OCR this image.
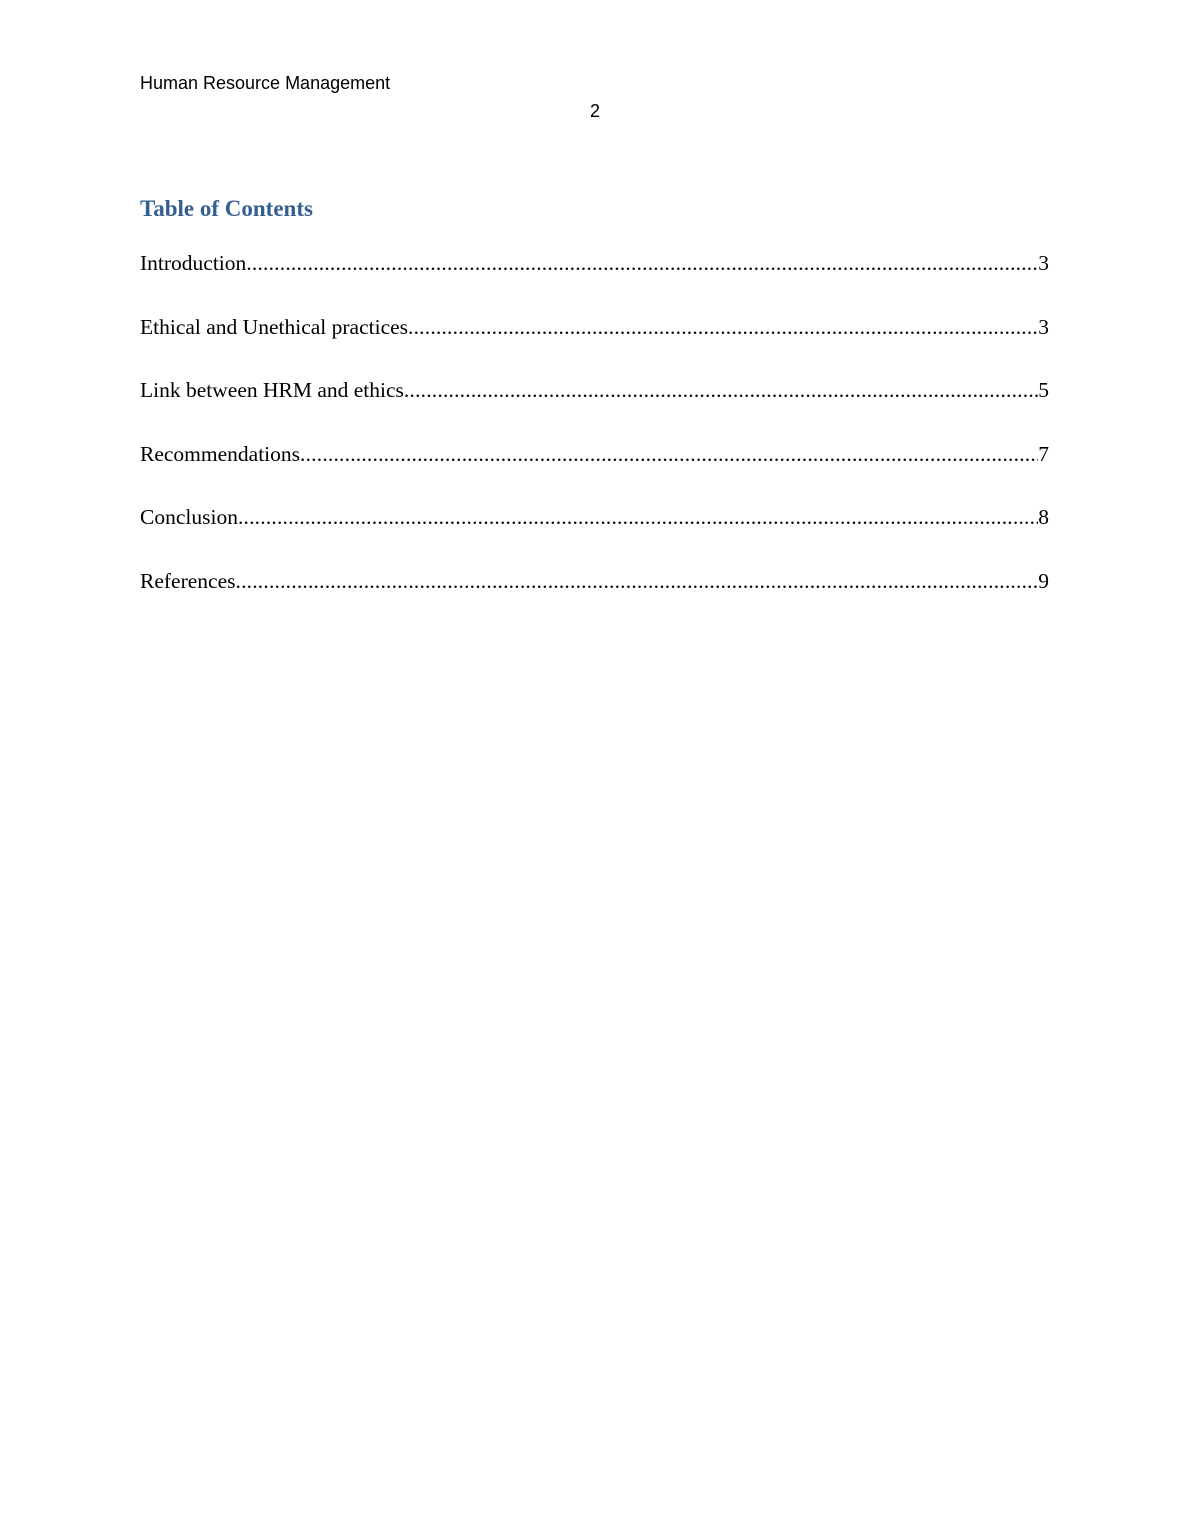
Human Resource Management
2
Table of Contents
Introduction .....	3
Ethical and Unethical practices .....	3
Link between HRM and ethics .....	5
Recommendations .....	7
Conclusion .....	8
References .....	9
